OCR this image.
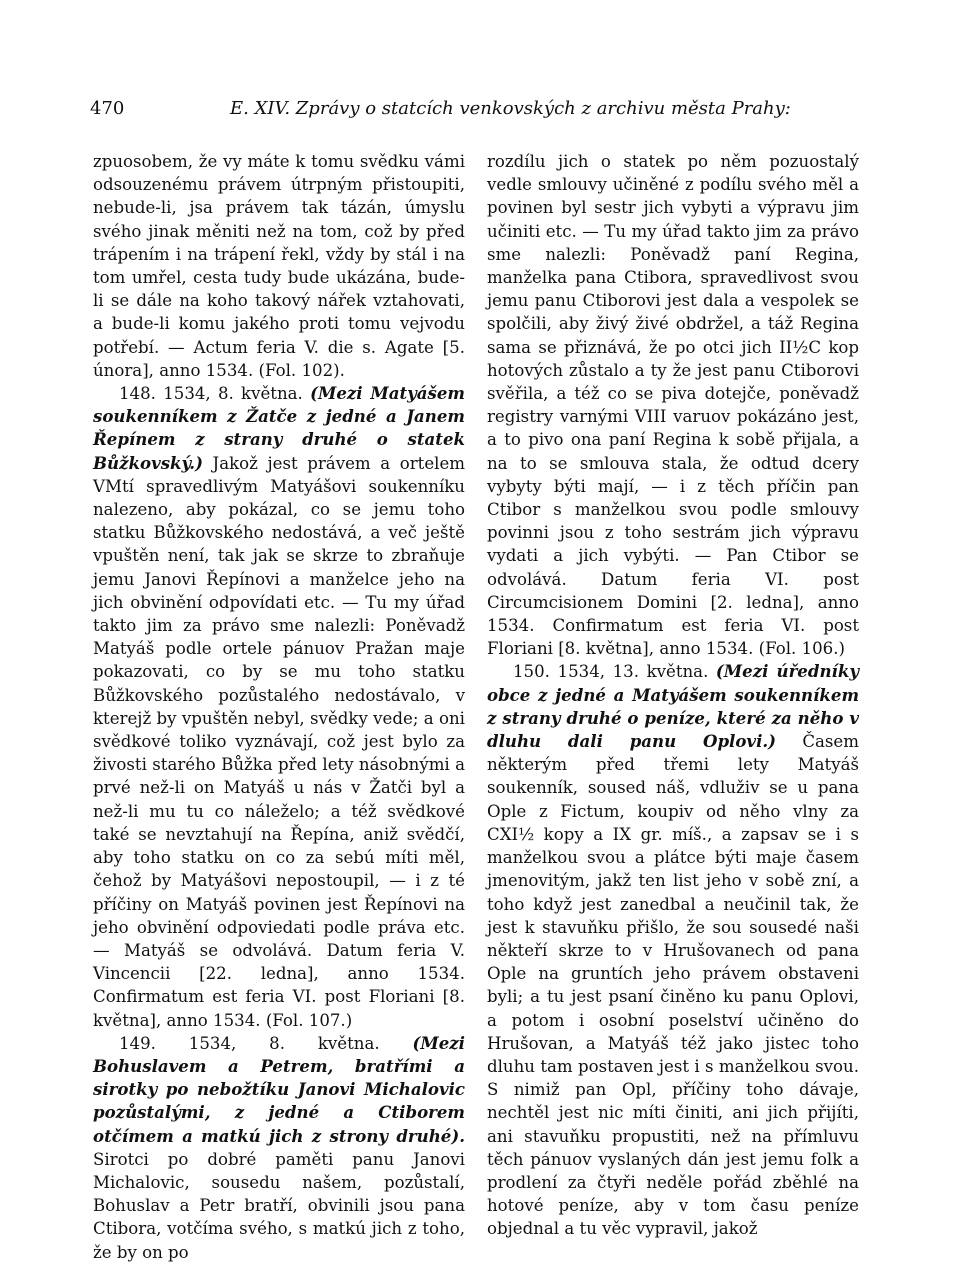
470	E. XIV. Zprávy o statcích venkovských z archivu města Prahy:

zpuosobem, že vy máte k tomu svědku vámi odsouzenému právem útrpným přistoupiti, nebude-li, jsa právem tak tázán, úmyslu svého jinak měniti než na tom, což by před trápením i na trápení řekl, vždy by stál i na tom umřel, cesta tudy bude ukázána, bude-li se dále na koho takový nářek vztahovati, a bude-li komu jakého proti tomu vejvodu potřebí. — Actum feria V. die s. Agate [5. února], anno 1534. (Fol. 102).

148. 1534, 8. května. (Mezi Matyášem soukenníkem z Žatče z jedné a Janem Řepínem z strany druhé o statek Bůžkovský.) Jakož jest právem a ortelem VMtí spravedlivým Matyášovi soukenníku nalezeno, aby pokázal, co se jemu toho statku Bůžkovského nedostává, a več ještě vpuštěn není, tak jak se skrze to zbraňuje jemu Janovi Řepínovi a manželce jeho na jich obvinění odpovídati etc. — Tu my úřad takto jim za právo sme nalezli: Poněvadž Matyáš podle ortele pánuov Pražan maje pokazovati, co by se mu toho statku Bůžkovského pozůstalého nedostávalo, v kterejž by vpuštěn nebyl, svědky vede; a oni svědkové toliko vyznávají, což jest bylo za živosti starého Bůžka před lety násobnými a prvé než-li on Matyáš u nás v Žatči byl a než-li mu tu co náleželo; a též svědkové také se nevztahují na Řepína, aniž svědčí, aby toho statku on co za sebú míti měl, čehož by Matyášovi nepostoupil, — i z té příčiny on Matyáš povinen jest Řepínovi na jeho obvinění odpoviedati podle práva etc. — Matyáš se odvolává. Datum feria V. Vincencii [22. ledna], anno 1534. Confirmatum est feria VI. post Floriani [8. května], anno 1534. (Fol. 107.)

149. 1534, 8. května. (Mezi Bohuslavem a Petrem, bratřími a sirotky po nebožtíku Janovi Michalovic pozůstalými, z jedné a Ctiborem otčímem a matkú jich z strony druhé). Sirotci po dobré paměti panu Janovi Michalovic, sousedu našem, pozůstalí, Bohuslav a Petr bratří, obvinili jsou pana Ctibora, votčíma svého, s matkú jich z toho, že by on po

rozdílu jich o statek po něm pozuostalý vedle smlouvy učiněné z podílu svého měl a povinen byl sestr jich vybyti a výpravu jim učiniti etc. — Tu my úřad takto jim za právo sme nalezli: Poněvadž paní Regina, manželka pana Ctibora, spravedlivost svou jemu panu Ctiborovi jest dala a vespolek se spolčili, aby živý živé obdržel, a táž Regina sama se přiznává, že po otci jich II½C kop hotových zůstalo a ty že jest panu Ctiborovi svěřila, a též co se piva dotejče, poněvadž registry varnými VIII varuov pokázáno jest, a to pivo ona paní Regina k sobě přijala, a na to se smlouva stala, že odtud dcery vybyty býti mají, — i z těch příčin pan Ctibor s manželkou svou podle smlouvy povinni jsou z toho sestrám jich výpravu vydati a jich vybýti. — Pan Ctibor se odvolává. Datum feria VI. post Circumcisionem Domini [2. ledna], anno 1534. Confirmatum est feria VI. post Floriani [8. května], anno 1534. (Fol. 106.)

150. 1534, 13. května. (Mezi úředníky obce z jedné a Matyášem soukenníkem z strany druhé o peníze, které za něho v dluhu dali panu Oplovi.) Časem některým před třemi lety Matyáš soukenník, soused náš, vdluživ se u pana Ople z Fictum, koupiv od něho vlny za CXI½ kopy a IX gr. míš., a zapsav se i s manželkou svou a plátce býti maje časem jmenovitým, jakž ten list jeho v sobě zní, a toho když jest zanedbal a neučinil tak, že jest k stavuňku přišlo, že sou sousedé naši někteří skrze to v Hrušovanech od pana Ople na gruntích jeho právem obstaveni byli; a tu jest psaní činěno ku panu Oplovi, a potom i osobní poselství učiněno do Hrušovan, a Matyáš též jako jistec toho dluhu tam postaven jest i s manželkou svou. S nimiž pan Opl, příčiny toho dávaje, nechtěl jest nic míti činiti, ani jich přijíti, ani stavuňku propustiti, než na přímluvu těch pánuov vyslaných dán jest jemu folk a prodlení za čtyři neděle pořád zběhlé na hotové peníze, aby v tom času peníze objednal a tu věc vypravil, jakož
